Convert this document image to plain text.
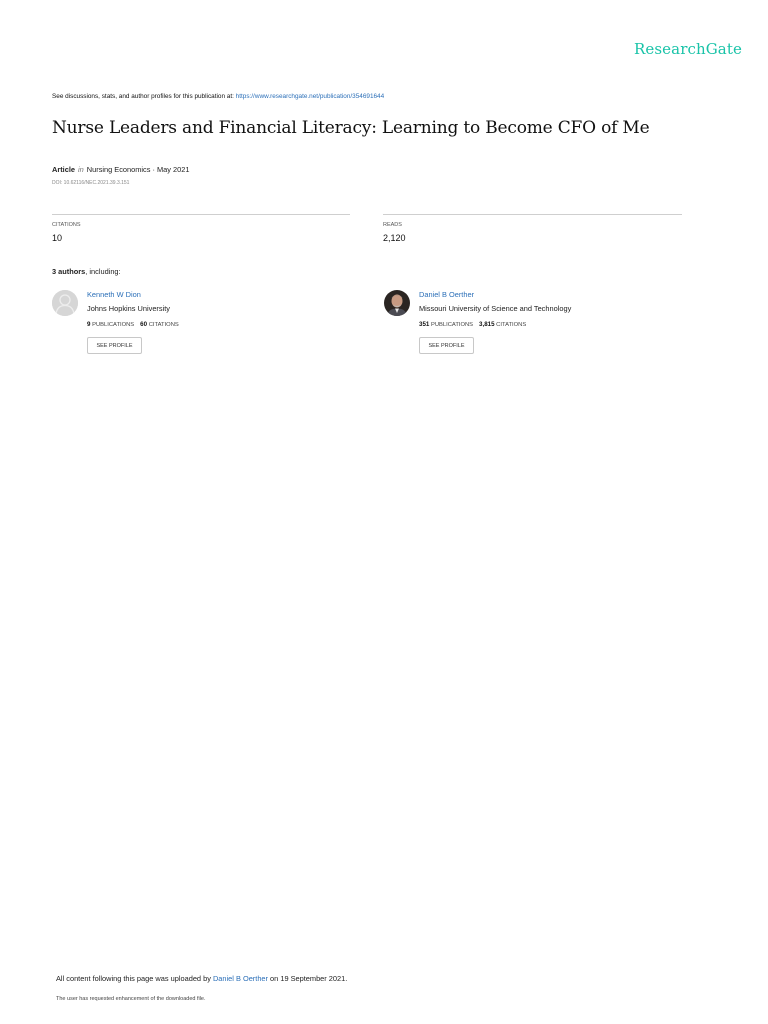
ResearchGate
See discussions, stats, and author profiles for this publication at: https://www.researchgate.net/publication/354691644
Nurse Leaders and Financial Literacy: Learning to Become CFO of Me
Article in Nursing Economics · May 2021
DOI: 10.62116/NEC.2021.39.3.151
CITATIONS
10
READS
2,120
3 authors, including:
Kenneth W Dion
Johns Hopkins University
9 PUBLICATIONS 60 CITATIONS
SEE PROFILE
Daniel B Oerther
Missouri University of Science and Technology
351 PUBLICATIONS 3,815 CITATIONS
SEE PROFILE
All content following this page was uploaded by Daniel B Oerther on 19 September 2021.
The user has requested enhancement of the downloaded file.
